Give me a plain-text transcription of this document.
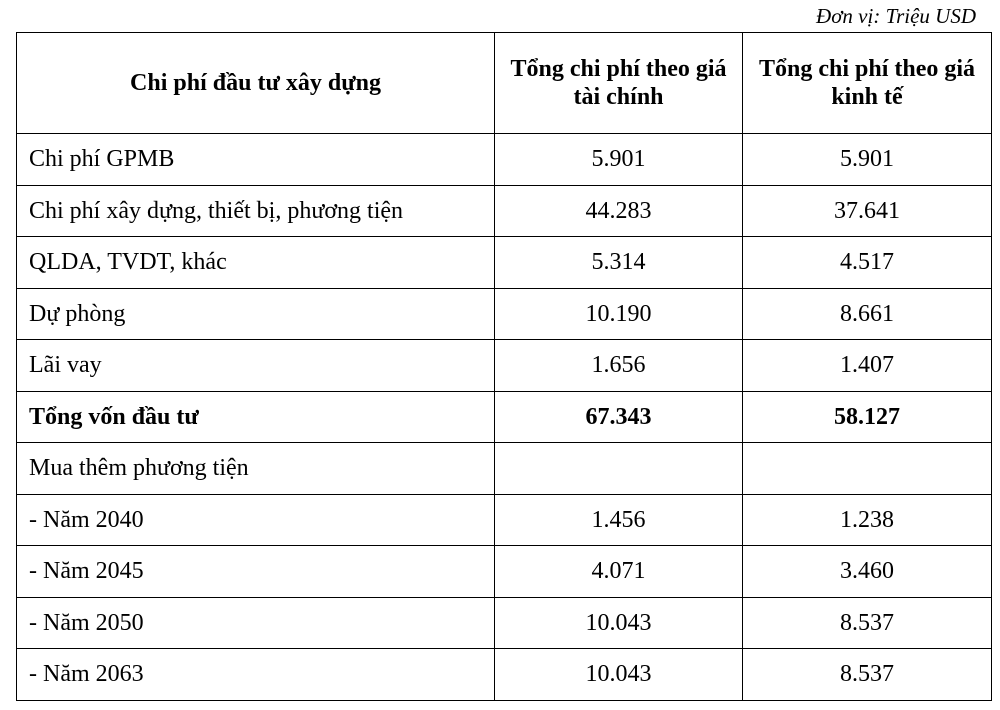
Đơn vị: Triệu USD
Chi phí đầu tư xây dựng	Tổng chi phí theo giá tài chính	Tổng chi phí theo giá kinh tế
Chi phí GPMB	5.901	5.901
Chi phí xây dựng, thiết bị, phương tiện	44.283	37.641
QLDA, TVDT, khác	5.314	4.517
Dự phòng	10.190	8.661
Lãi vay	1.656	1.407
Tổng vốn đầu tư	67.343	58.127
Mua thêm phương tiện		
- Năm 2040	1.456	1.238
- Năm 2045	4.071	3.460
- Năm 2050	10.043	8.537
- Năm 2063	10.043	8.537
